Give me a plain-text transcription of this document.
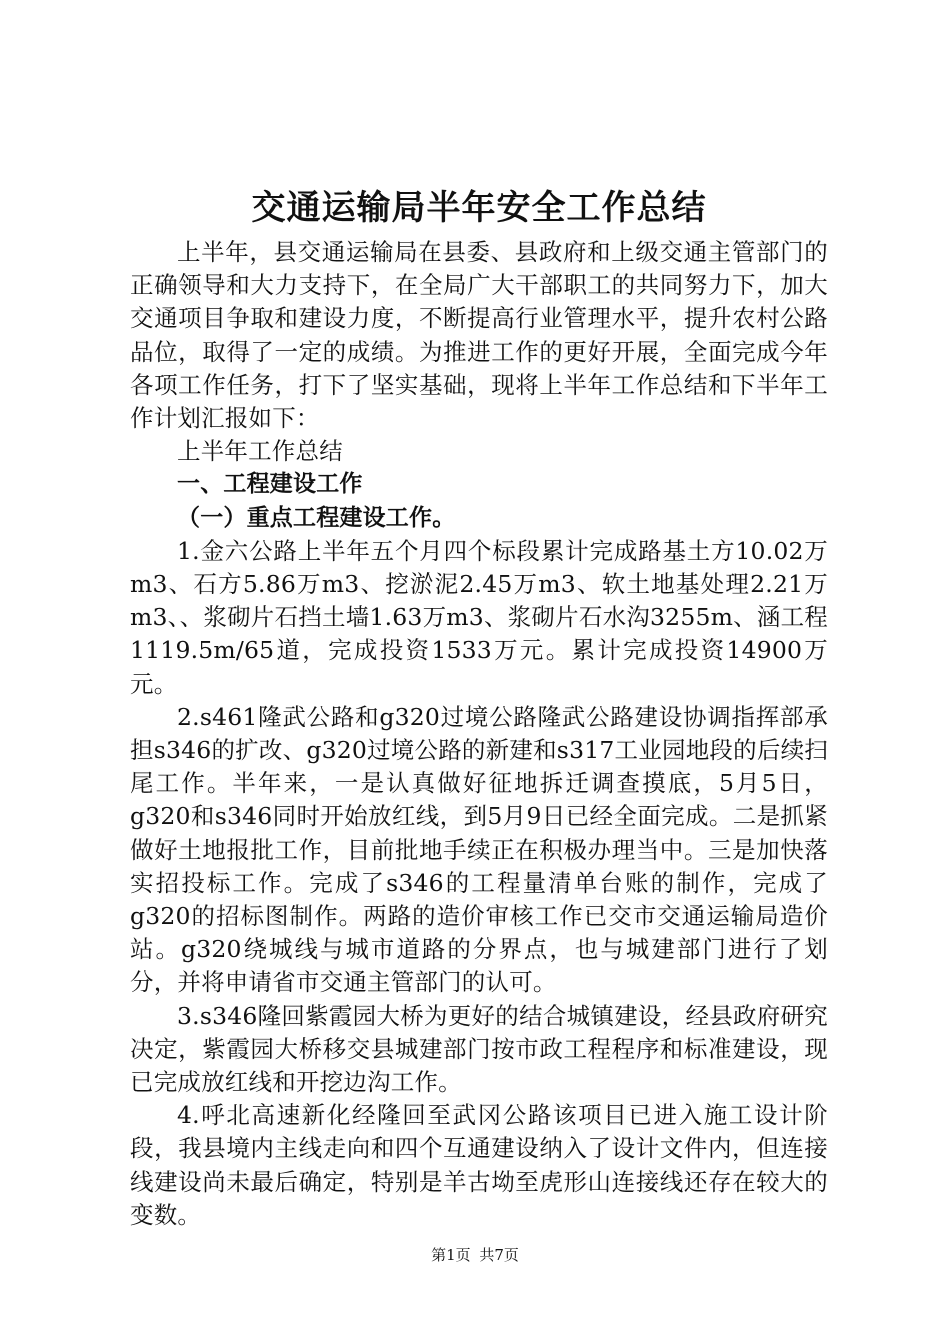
交通运输局半年安全工作总结

上半年，县交通运输局在县委、县政府和上级交通主管部门的正确领导和大力支持下，在全局广大干部职工的共同努力下，加大交通项目争取和建设力度，不断提高行业管理水平，提升农村公路品位，取得了一定的成绩。为推进工作的更好开展，全面完成今年各项工作任务，打下了坚实基础，现将上半年工作总结和下半年工作计划汇报如下：

上半年工作总结

一、工程建设工作

（一）重点工程建设工作。

1.金六公路上半年五个月四个标段累计完成路基土方10.02万m3、石方5.86万m3、挖淤泥2.45万m3、软土地基处理2.21万m3、、浆砌片石挡土墙1.63万m3、浆砌片石水沟3255m、涵工程1119.5m/65道，完成投资1533万元。累计完成投资14900万元。

2.s461隆武公路和g320过境公路隆武公路建设协调指挥部承担s346的扩改、g320过境公路的新建和s317工业园地段的后续扫尾工作。半年来，一是认真做好征地拆迁调查摸底，5月5日，g320和s346同时开始放红线，到5月9日已经全面完成。二是抓紧做好土地报批工作，目前批地手续正在积极办理当中。三是加快落实招投标工作。完成了s346的工程量清单台账的制作，完成了g320的招标图制作。两路的造价审核工作已交市交通运输局造价站。g320绕城线与城市道路的分界点，也与城建部门进行了划分，并将申请省市交通主管部门的认可。

3.s346隆回紫霞园大桥为更好的结合城镇建设，经县政府研究决定，紫霞园大桥移交县城建部门按市政工程程序和标准建设，现已完成放红线和开挖边沟工作。

4.呼北高速新化经隆回至武冈公路该项目已进入施工设计阶段，我县境内主线走向和四个互通建设纳入了设计文件内，但连接线建设尚未最后确定，特别是羊古坳至虎形山连接线还存在较大的变数。

第1页 共7页
